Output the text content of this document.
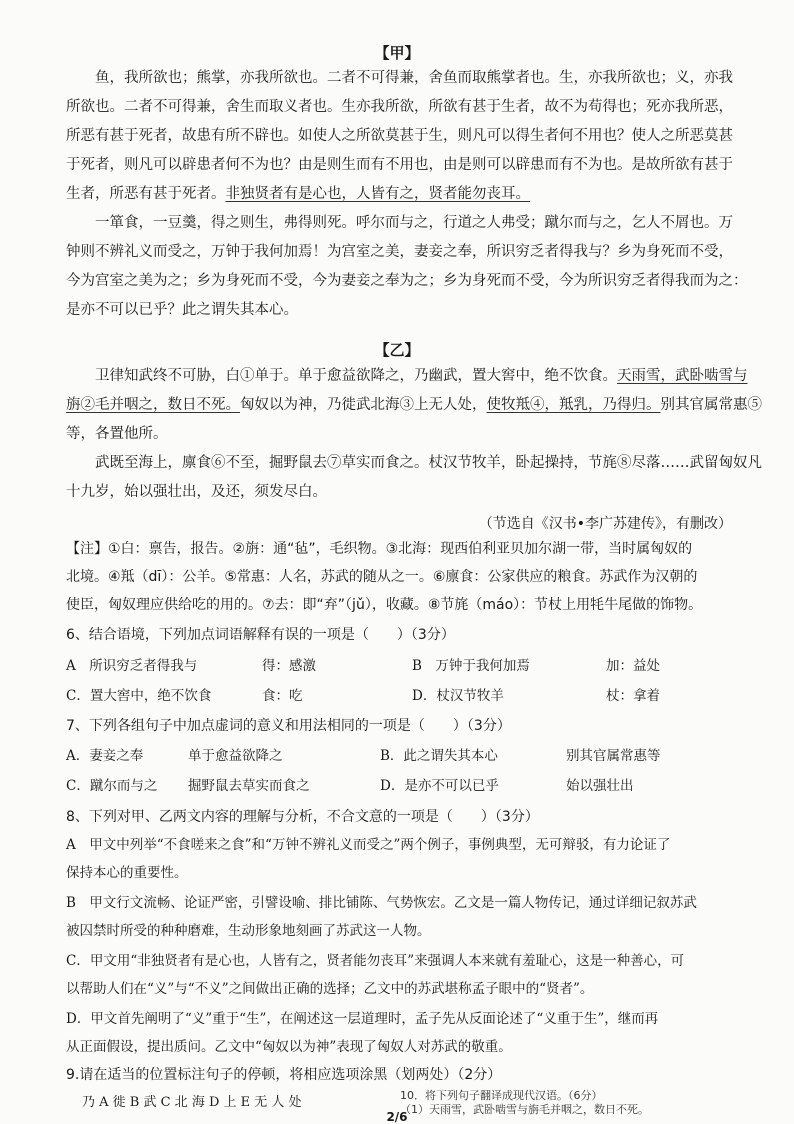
【甲】
鱼，我所欲也；熊掌，亦我所欲也。二者不可得兼，舍鱼而取熊掌者也。生，亦我所欲也；义，亦我
所欲也。二者不可得兼，舍生而取义者也。生亦我所欲，所欲有甚于生者，故不为苟得也；死亦我所恶，
所恶有甚于死者，故患有所不辟也。如使人之所欲莫甚于生，则凡可以得生者何不用也？使人之所恶莫甚
于死者，则凡可以辟患者何不为也？由是则生而有不用也，由是则可以辟患而有不为也。是故所欲有甚于
生者，所恶有甚于死者。非独贤者有是心也，人皆有之，贤者能勿丧耳。
一箪食，一豆羹，得之则生，弗得则死。呼尔而与之，行道之人弗受；蹴尔而与之，乞人不屑也。万
钟则不辨礼义而受之，万钟于我何加焉！为宫室之美，妻妾之奉，所识穷乏者得我与？乡为身死而不受，
今为宫室之美为之；乡为身死而不受，今为妻妾之奉为之；乡为身死而不受，今为所识穷乏者得我而为之：
是亦不可以已乎？此之谓失其本心。
【乙】
卫律知武终不可胁，白①单于。单于愈益欲降之，乃幽武，置大窖中，绝不饮食。天雨雪，武卧啮雪与
旃②毛并咽之，数日不死。匈奴以为神，乃徙武北海③上无人处，使牧羝④，羝乳，乃得归。别其官属常惠⑤
等，各置他所。
武既至海上，廪食⑥不至，掘野鼠去⑦草实而食之。杖汉节牧羊，卧起操持，节旄⑧尽落……武留匈奴凡
十九岁，始以强壮出，及还，须发尽白。
（节选自《汉书•李广苏建传》，有删改）
【注】①白：禀告，报告。②旃：通“毡”，毛织物。③北海：现西伯利亚贝加尔湖一带，当时属匈奴的
北境。④羝（dī）：公羊。⑤常惠：人名，苏武的随从之一。⑥廪食：公家供应的粮食。苏武作为汉朝的
使臣，匈奴理应供给吃的用的。⑦去：即“弃”（jǔ），收藏。⑧节旄（máo）：节杖上用牦牛尾做的饰物。
6、结合语境，下列加点词语解释有误的一项是（　　）（3分）
A　所识穷乏者得我与	得：感激	B　万钟于我何加焉	加：益处
C．置大窖中，绝不饮食	食：吃	D．杖汉节牧羊	杖：拿着
7、下列各组句子中加点虚词的意义和用法相同的一项是（　　）（3分）
A．妻妾之奉	单于愈益欲降之	B．此之谓失其本心	别其官属常惠等
C．蹴尔而与之 掘野鼠去草实而食之	D．是亦不可以已乎	始以强壮出
8、下列对甲、乙两文内容的理解与分析，不合文意的一项是（　　）（3分）
A　甲文中列举“不食嗟来之食”和“万钟不辨礼义而受之”两个例子，事例典型，无可辩驳，有力论证了
保持本心的重要性。
B　甲文行文流畅、论证严密，引譬设喻、排比铺陈、气势恢宏。乙文是一篇人物传记，通过详细记叙苏武
被囚禁时所受的种种磨难，生动形象地刻画了苏武这一人物。
C．甲文用“非独贤者有是心也，人皆有之，贤者能勿丧耳”来强调人本来就有羞耻心，这是一种善心，可
以帮助人们在“义”与“不义”之间做出正确的选择；乙文中的苏武堪称孟子眼中的“贤者”。
D．甲文首先阐明了“义”重于“生”，在阐述这一层道理时，孟子先从反面论述了“义重于生”，继而再
从正面假设，提出质问。乙文中“匈奴以为神”表现了匈奴人对苏武的敬重。
9.请在适当的位置标注句子的停顿，将相应选项涂黑（划两处）（2分）
乃 A 徙 B 武 C 北 海 D 上 E 无 人 处	10．将下列句子翻译成现代汉语。（6分）
（1）天雨雪，武卧啮雪与旃毛并咽之，数日不死。
2/6
